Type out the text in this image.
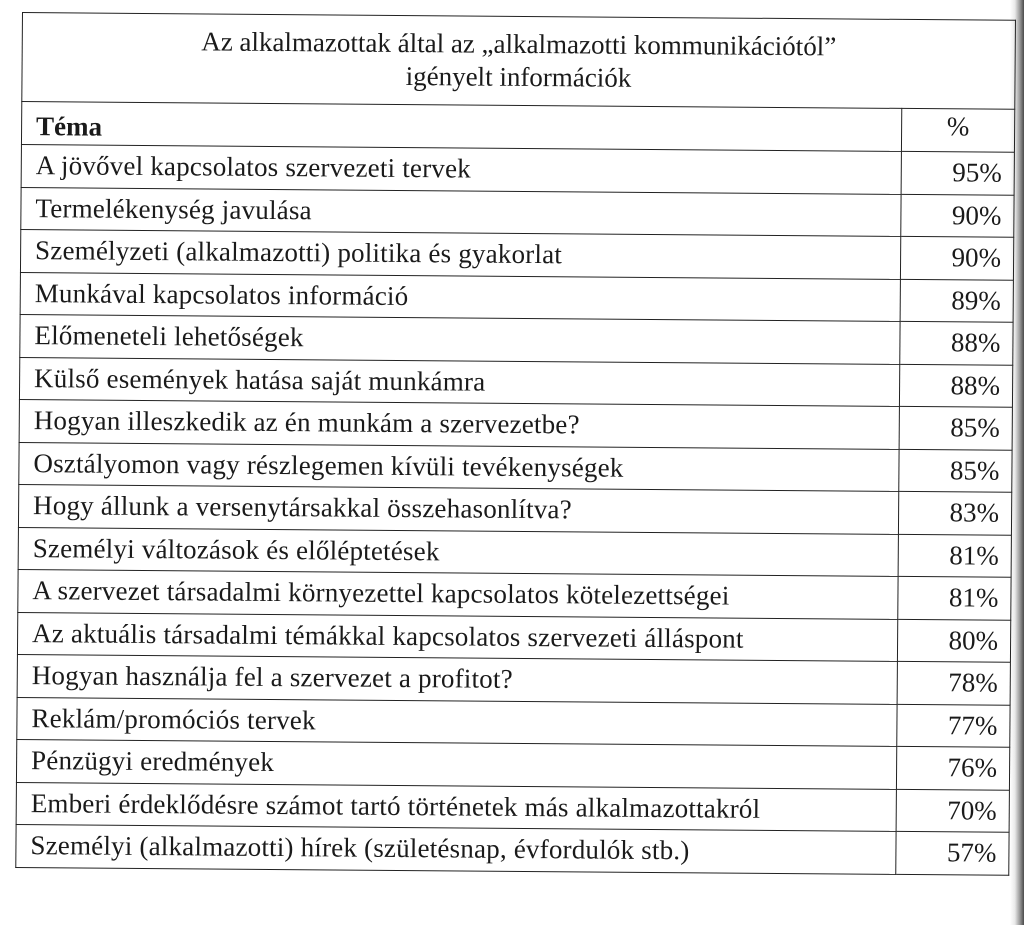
Az alkalmazottak által az „alkalmazotti kommunikációtól”
igényelt információk	

Téma	%
A jövővel kapcsolatos szervezeti tervek	95%
Termelékenység javulása	90%
Személyzeti (alkalmazotti) politika és gyakorlat	90%
Munkával kapcsolatos információ	89%
Előmeneteli lehetőségek	88%
Külső események hatása saját munkámra	88%
Hogyan illeszkedik az én munkám a szervezetbe?	85%
Osztályomon vagy részlegemen kívüli tevékenységek	85%
Hogy állunk a versenytársakkal összehasonlítva?	83%
Személyi változások és előléptetések	81%
A szervezet társadalmi környezettel kapcsolatos kötelezettségei	81%
Az aktuális társadalmi témákkal kapcsolatos szervezeti álláspont	80%
Hogyan használja fel a szervezet a profitot?	78%
Reklám/promóciós tervek	77%
Pénzügyi eredmények	76%
Emberi érdeklődésre számot tartó történetek más alkalmazottakról	70%
Személyi (alkalmazotti) hírek (születésnap, évfordulók stb.)	57%
